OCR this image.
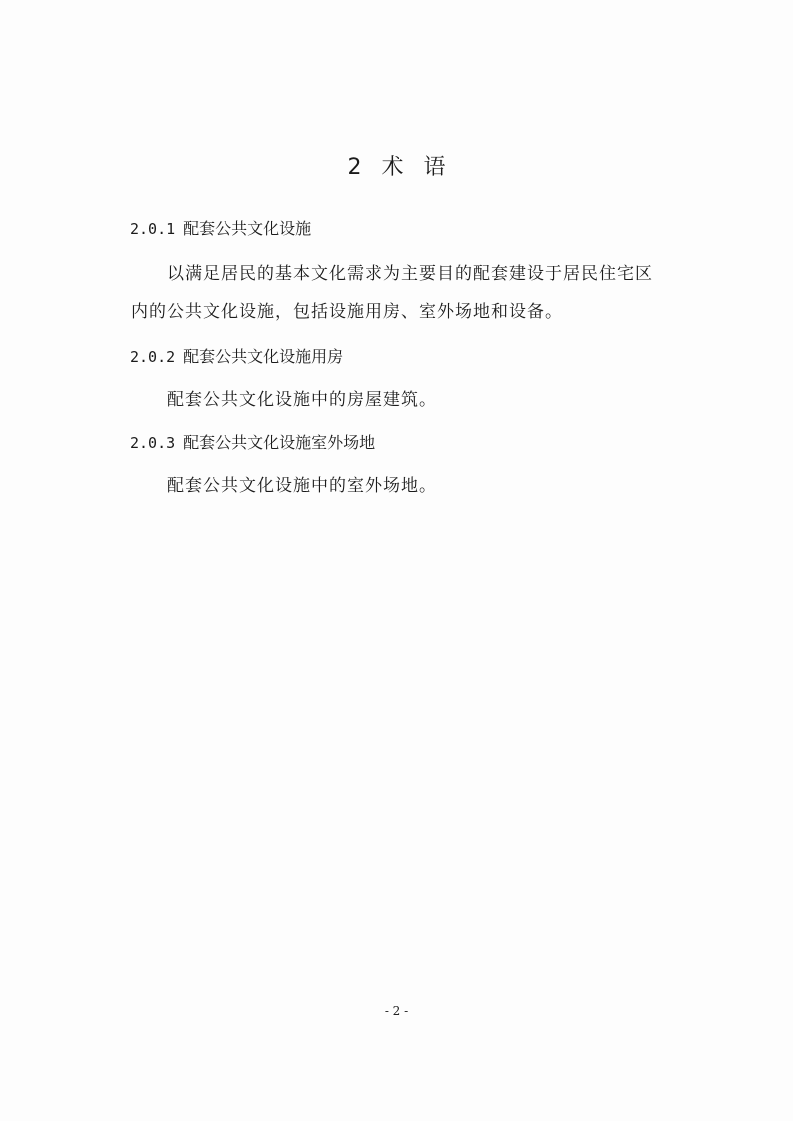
2 术 语
2.0.1 配套公共文化设施
以满足居民的基本文化需求为主要目的配套建设于居民住宅区
内的公共文化设施，包括设施用房、室外场地和设备。
2.0.2 配套公共文化设施用房
配套公共文化设施中的房屋建筑。
2.0.3 配套公共文化设施室外场地
配套公共文化设施中的室外场地。
- 2 -
